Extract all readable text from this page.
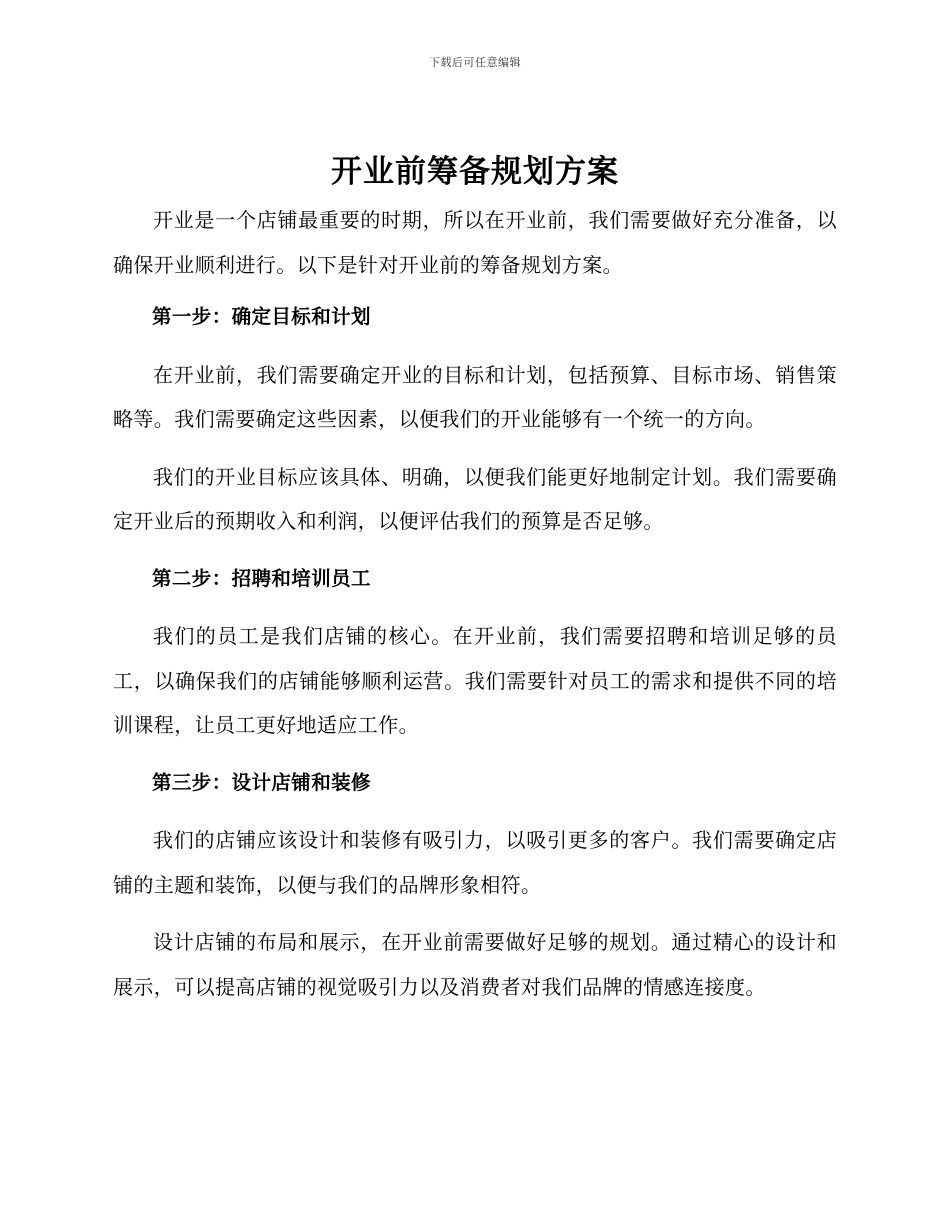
下载后可任意编辑
开业前筹备规划方案

开业是一个店铺最重要的时期，所以在开业前，我们需要做好充分准备，以确保开业顺利进行。以下是针对开业前的筹备规划方案。

第一步：确定目标和计划

在开业前，我们需要确定开业的目标和计划，包括预算、目标市场、销售策略等。我们需要确定这些因素，以便我们的开业能够有一个统一的方向。

我们的开业目标应该具体、明确，以便我们能更好地制定计划。我们需要确定开业后的预期收入和利润，以便评估我们的预算是否足够。

第二步：招聘和培训员工

我们的员工是我们店铺的核心。在开业前，我们需要招聘和培训足够的员工，以确保我们的店铺能够顺利运营。我们需要针对员工的需求和提供不同的培训课程，让员工更好地适应工作。

第三步：设计店铺和装修

我们的店铺应该设计和装修有吸引力，以吸引更多的客户。我们需要确定店铺的主题和装饰，以便与我们的品牌形象相符。

设计店铺的布局和展示，在开业前需要做好足够的规划。通过精心的设计和展示，可以提高店铺的视觉吸引力以及消费者对我们品牌的情感连接度。
